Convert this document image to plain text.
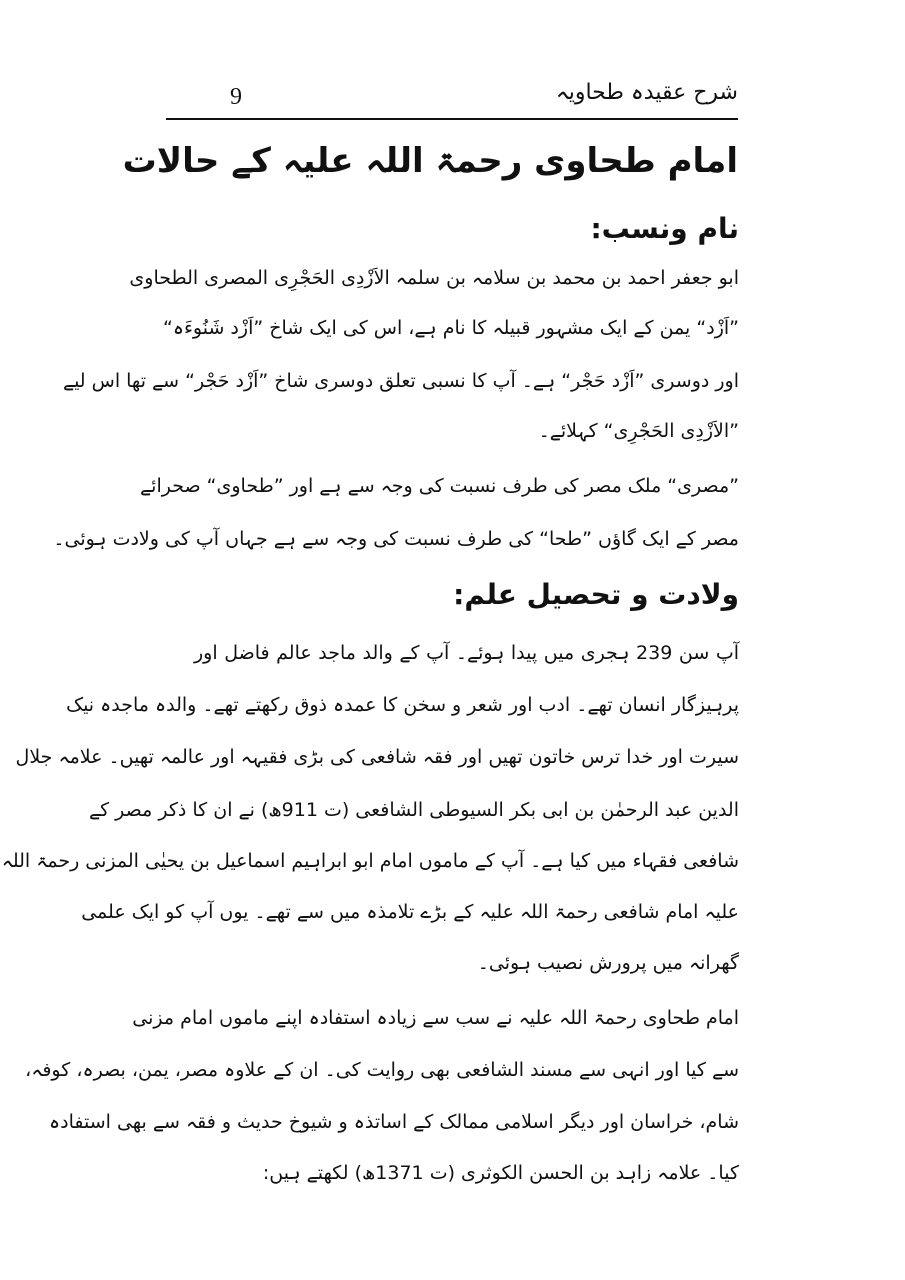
شرح عقیدہ طحاویہ
9
امام طحاوی رحمۃ اللہ علیہ کے حالات
نام ونسب:
ابو جعفر احمد بن محمد بن سلامہ بن سلمہ الاَزْدِی الحَجْرِی المصری الطحاوی
”اَزْد“ یمن کے ایک مشہور قبیلہ کا نام ہے، اس کی ایک شاخ ”اَزْد شَنُوءَہ“
اور دوسری ”اَزْد حَجْر“ ہے۔ آپ کا نسبی تعلق دوسری شاخ ”اَزْد حَجْر“ سے تھا اس لیے
”الاَزْدِی الحَجْرِی“ کہلائے۔
”مصری“ ملک مصر کی طرف نسبت کی وجہ سے ہے اور ”طحاوی“ صحرائے
مصر کے ایک گاؤں ”طحا“ کی طرف نسبت کی وجہ سے ہے جہاں آپ کی ولادت ہوئی۔
ولادت و تحصیل علم:
آپ سن 239 ہجری میں پیدا ہوئے۔ آپ کے والد ماجد عالم فاضل اور
پرہیزگار انسان تھے۔ ادب اور شعر و سخن کا عمدہ ذوق رکھتے تھے۔ والدہ ماجدہ نیک
سیرت اور خدا ترس خاتون تھیں اور فقہ شافعی کی بڑی فقیہہ اور عالمہ تھیں۔ علامہ جلال
الدین عبد الرحمٰن بن ابی بکر السیوطی الشافعی (ت 911ھ) نے ان کا ذکر مصر کے
شافعی فقہاء میں کیا ہے۔ آپ کے ماموں امام ابو ابراہیم اسماعیل بن یحیٰی المزنی رحمۃ اللہ
علیہ امام شافعی رحمۃ اللہ علیہ کے بڑے تلامذہ میں سے تھے۔ یوں آپ کو ایک علمی
گھرانہ میں پرورش نصیب ہوئی۔
امام طحاوی رحمۃ اللہ علیہ نے سب سے زیادہ استفادہ اپنے ماموں امام مزنی
سے کیا اور انہی سے مسند الشافعی بھی روایت کی۔ ان کے علاوہ مصر، یمن، بصرہ، کوفہ،
شام، خراسان اور دیگر اسلامی ممالک کے اساتذہ و شیوخ حدیث و فقہ سے بھی استفادہ
کیا۔ علامہ زاہد بن الحسن الکوثری (ت 1371ھ) لکھتے ہیں:
